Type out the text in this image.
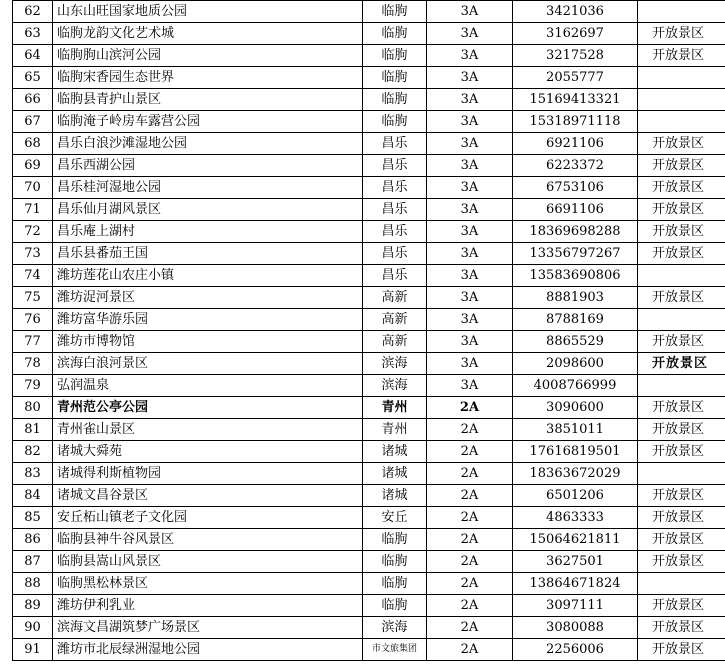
62	山东山旺国家地质公园	临朐	3A	3421036	
63	临朐龙韵文化艺术城	临朐	3A	3162697	开放景区
64	临朐朐山滨河公园	临朐	3A	3217528	开放景区
65	临朐宋香园生态世界	临朐	3A	2055777	
66	临朐县青护山景区	临朐	3A	15169413321	
67	临朐淹子岭房车露营公园	临朐	3A	15318971118	
68	昌乐白浪沙滩湿地公园	昌乐	3A	6921106	开放景区
69	昌乐西湖公园	昌乐	3A	6223372	开放景区
70	昌乐桂河湿地公园	昌乐	3A	6753106	开放景区
71	昌乐仙月湖风景区	昌乐	3A	6691106	开放景区
72	昌乐庵上湖村	昌乐	3A	18369698288	开放景区
73	昌乐县番茄王国	昌乐	3A	13356797267	开放景区
74	潍坊莲花山农庄小镇	昌乐	3A	13583690806	
75	潍坊浞河景区	高新	3A	8881903	开放景区
76	潍坊富华游乐园	高新	3A	8788169	
77	潍坊市博物馆	高新	3A	8865529	开放景区
78	滨海白浪河景区	滨海	3A	2098600	开放景区
79	弘润温泉	滨海	3A	4008766999	
80	青州范公亭公园	青州	2A	3090600	开放景区
81	青州雀山景区	青州	2A	3851011	开放景区
82	诸城大舜苑	诸城	2A	17616819501	开放景区
83	诸城得利斯植物园	诸城	2A	18363672029	
84	诸城文昌谷景区	诸城	2A	6501206	开放景区
85	安丘柘山镇老子文化园	安丘	2A	4863333	开放景区
86	临朐县神牛谷风景区	临朐	2A	15064621811	开放景区
87	临朐县嵩山风景区	临朐	2A	3627501	开放景区
88	临朐黑松林景区	临朐	2A	13864671824	
89	潍坊伊利乳业	临朐	2A	3097111	开放景区
90	滨海文昌湖筑梦广场景区	滨海	2A	3080088	开放景区
91	潍坊市北辰绿洲湿地公园	市文旅集团	2A	2256006	开放景区
